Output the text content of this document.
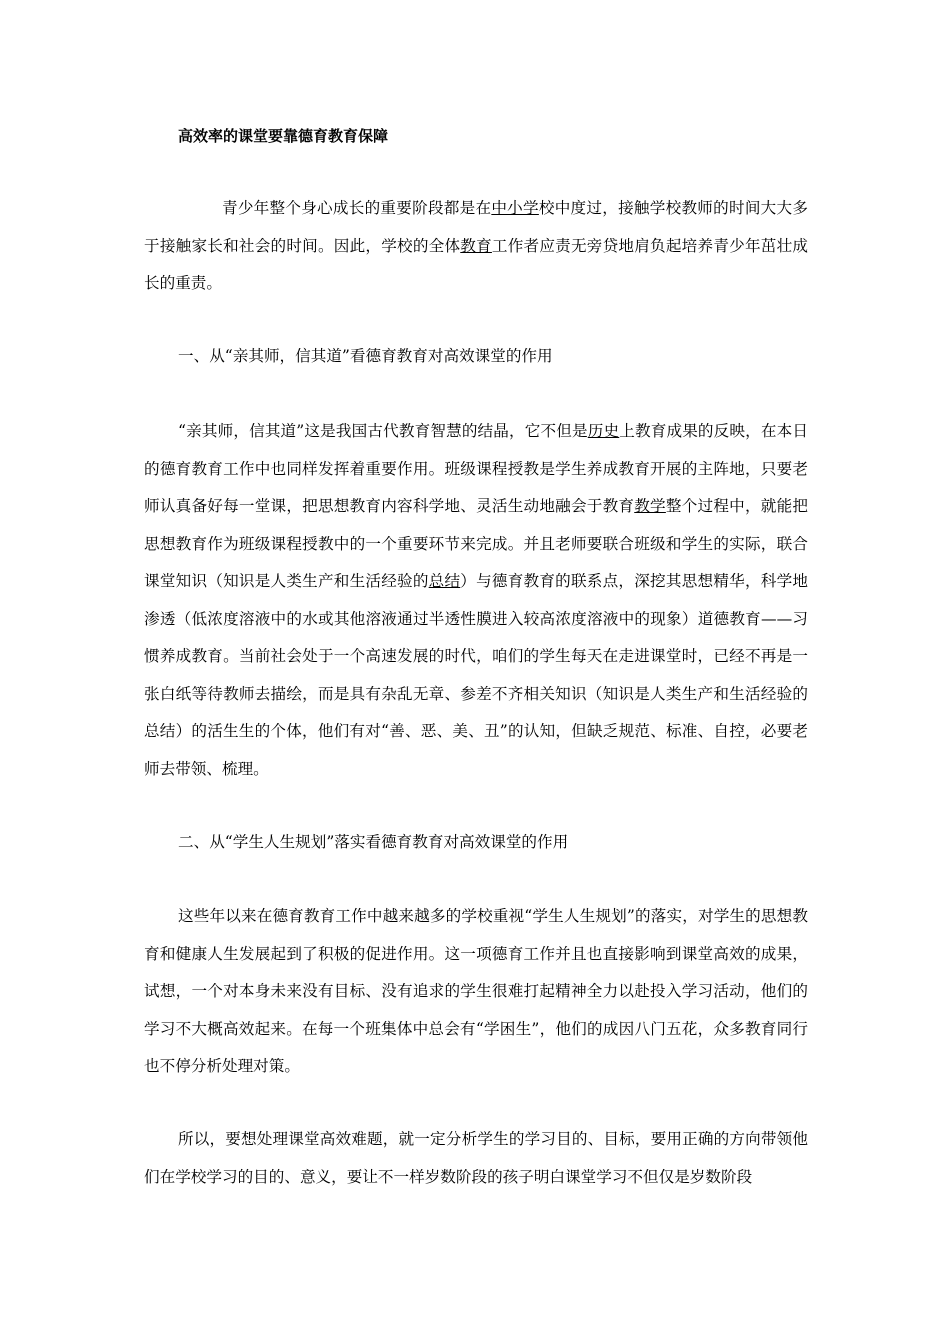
高效率的课堂要靠德育教育保障

青少年整个身心成长的重要阶段都是在中小学校中度过，接触学校教师的时间大大多于接触家长和社会的时间。因此，学校的全体教育工作者应责无旁贷地肩负起培养青少年茁壮成长的重责。

一、从“亲其师，信其道”看德育教育对高效课堂的作用

“亲其师，信其道”这是我国古代教育智慧的结晶，它不但是历史上教育成果的反映，在本日的德育教育工作中也同样发挥着重要作用。班级课程授教是学生养成教育开展的主阵地，只要老师认真备好每一堂课，把思想教育内容科学地、灵活生动地融会于教育教学整个过程中，就能把思想教育作为班级课程授教中的一个重要环节来完成。并且老师要联合班级和学生的实际，联合课堂知识（知识是人类生产和生活经验的总结）与德育教育的联系点，深挖其思想精华，科学地渗透（低浓度溶液中的水或其他溶液通过半透性膜进入较高浓度溶液中的现象）道德教育——习惯养成教育。当前社会处于一个高速发展的时代，咱们的学生每天在走进课堂时，已经不再是一张白纸等待教师去描绘，而是具有杂乱无章、参差不齐相关知识（知识是人类生产和生活经验的总结）的活生生的个体，他们有对“善、恶、美、丑”的认知，但缺乏规范、标准、自控，必要老师去带领、梳理。

二、从“学生人生规划”落实看德育教育对高效课堂的作用

这些年以来在德育教育工作中越来越多的学校重视“学生人生规划”的落实，对学生的思想教育和健康人生发展起到了积极的促进作用。这一项德育工作并且也直接影响到课堂高效的成果，试想，一个对本身未来没有目标、没有追求的学生很难打起精神全力以赴投入学习活动，他们的学习不大概高效起来。在每一个班集体中总会有“学困生”，他们的成因八门五花，众多教育同行也不停分析处理对策。

所以，要想处理课堂高效难题，就一定分析学生的学习目的、目标，要用正确的方向带领他们在学校学习的目的、意义，要让不一样岁数阶段的孩子明白课堂学习不但仅是岁数阶段
